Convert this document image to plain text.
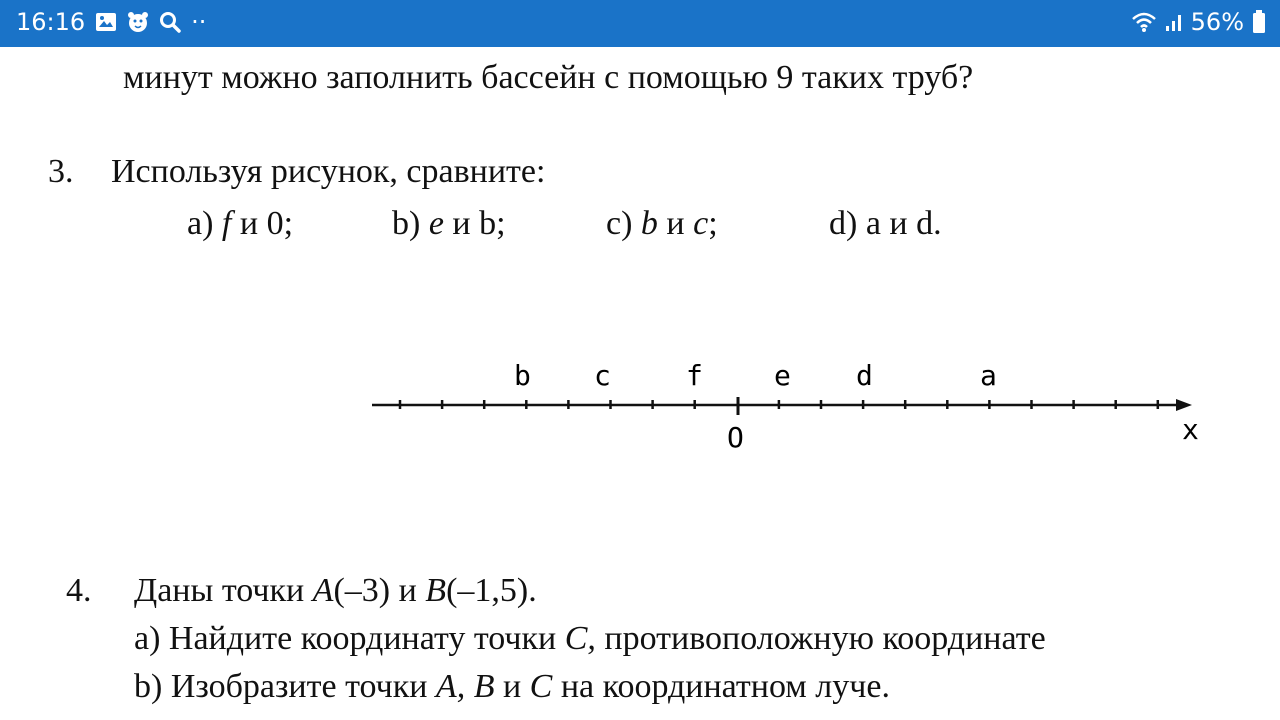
16:16	··	56%
минут можно заполнить бассейн с помощью 9 таких труб?
3. Используя рисунок, сравните:
a) f и 0;	b) e и b;	c) b и c;	d) a и d.
b c	f	e d	a
O	x
4. Даны точки A(–3) и B(–1,5).
a) Найдите координату точки C, противоположную координате
b) Изобразите точки A, B и C на координатном луче.
